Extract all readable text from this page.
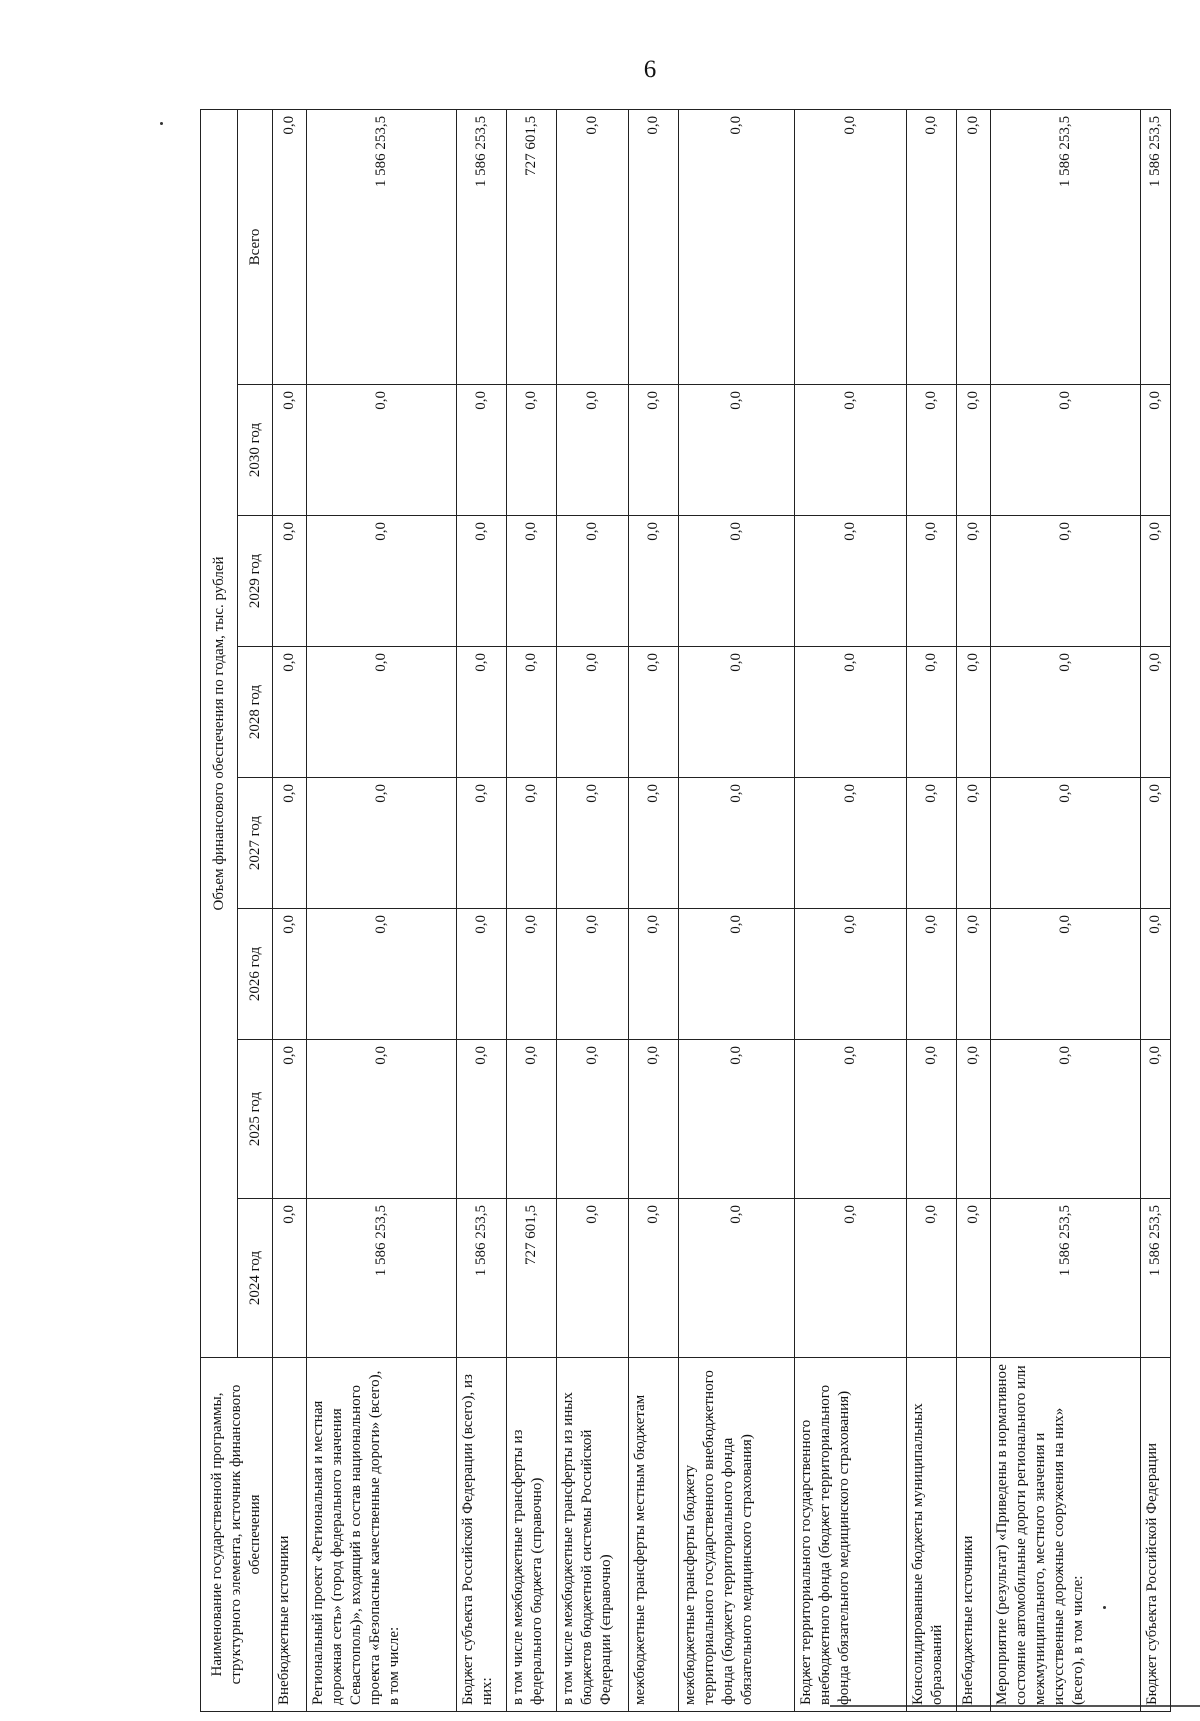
6
Наименование государственной программы, структурного элемента, источник финансового обеспечения	Объем финансового обеспечения по годам, тыс. рублей							
	2024 год	2025 год	2026 год	2027 год	2028 год	2029 год	2030 год	Всего
Внебюджетные источники	0,0	0,0	0,0	0,0	0,0	0,0	0,0	0,0
Региональный проект «Региональная и местная дорожная сеть» (город федерального значения Севастополь)», входящий в состав национального проекта «Безопасные качественные дороги» (всего), в том числе:	1 586 253,5	0,0	0,0	0,0	0,0	0,0	0,0	1 586 253,5
Бюджет субъекта Российской Федерации (всего), из них:	1 586 253,5	0,0	0,0	0,0	0,0	0,0	0,0	1 586 253,5
в том числе межбюджетные трансферты из федерального бюджета (справочно)	727 601,5	0,0	0,0	0,0	0,0	0,0	0,0	727 601,5
в том числе межбюджетные трансферты из иных бюджетов бюджетной системы Российской Федерации (справочно)	0,0	0,0	0,0	0,0	0,0	0,0	0,0	0,0
межбюджетные трансферты местным бюджетам	0,0	0,0	0,0	0,0	0,0	0,0	0,0	0,0
межбюджетные трансферты бюджету территориального государственного внебюджетного фонда (бюджету территориального фонда обязательного медицинского страхования)	0,0	0,0	0,0	0,0	0,0	0,0	0,0	0,0
Бюджет территориального государственного внебюджетного фонда (бюджет территориального фонда обязательного медицинского страхования)	0,0	0,0	0,0	0,0	0,0	0,0	0,0	0,0
Консолидированные бюджеты муниципальных образований	0,0	0,0	0,0	0,0	0,0	0,0	0,0	0,0
Внебюджетные источники	0,0	0,0	0,0	0,0	0,0	0,0	0,0	0,0
Мероприятие (результат) «Приведены в нормативное состояние автомобильные дороги регионального или межмуниципального, местного значения и искусственные дорожные сооружения на них» (всего), в том числе:	1 586 253,5	0,0	0,0	0,0	0,0	0,0	0,0	1 586 253,5
Бюджет субъекта Российской Федерации	1 586 253,5	0,0	0,0	0,0	0,0	0,0	0,0	1 586 253,5
